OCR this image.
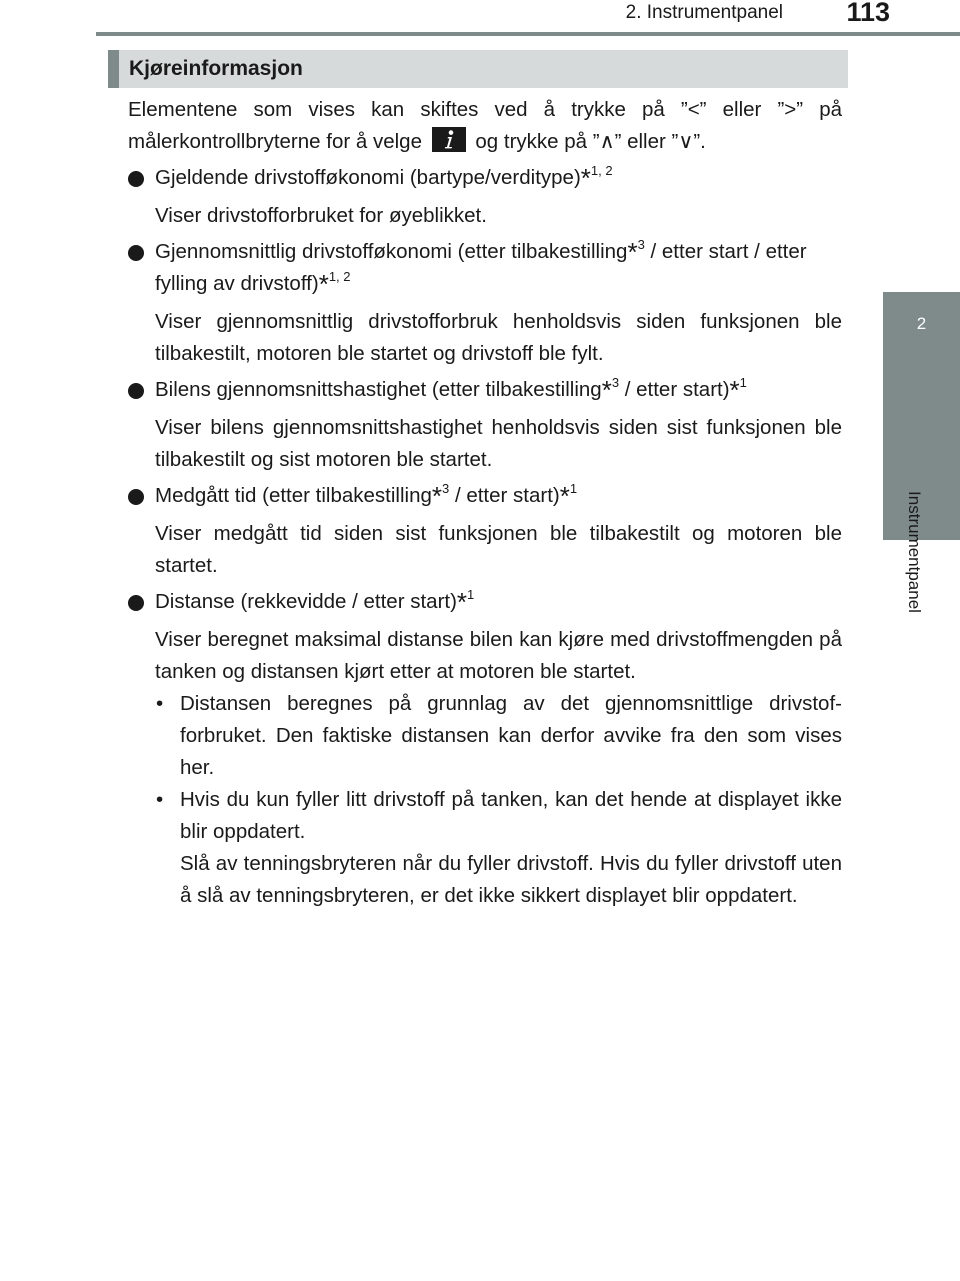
2. Instrumentpanel	113
2
Instrumentpanel
Kjøreinformasjon

Elementene som vises kan skiftes ved å trykke på ”<” eller ”>” på målerkontrollbryterne for å velge	og trykke på ”∧” eller ”∨”.

Gjeldende drivstofføkonomi (bartype/verditype)*$^{1, 2}$

Viser drivstofforbruket for øyeblikket.

Gjennomsnittlig drivstofføkonomi (etter tilbakestilling*$^3$ / etter start / etter fylling av drivstoff)*$^{1, 2}$

Viser gjennomsnittlig drivstofforbruk henholdsvis siden funksjonen ble tilbakestilt, motoren ble startet og drivstoff ble fylt.

Bilens gjennomsnittshastighet (etter tilbakestilling*$^3$ / etter start)*$^1$

Viser bilens gjennomsnittshastighet henholdsvis siden sist funksjonen ble tilbakestilt og sist motoren ble startet.

Medgått tid (etter tilbakestilling*$^3$ / etter start)*$^1$

Viser medgått tid siden sist funksjonen ble tilbakestilt og motoren ble startet.

Distanse (rekkevidde / etter start)*$^1$

Viser beregnet maksimal distanse bilen kan kjøre med drivstoffmengden på tanken og distansen kjørt etter at motoren ble startet.

• Distansen beregnes på grunnlag av det gjennomsnittlige drivstofforbruket. Den faktiske distansen kan derfor avvike fra den som vises her.

• Hvis du kun fyller litt drivstoff på tanken, kan det hende at displayet ikke blir oppdatert.

Slå av tenningsbryteren når du fyller drivstoff. Hvis du fyller drivstoff uten å slå av tenningsbryteren, er det ikke sikkert displayet blir oppdatert.
